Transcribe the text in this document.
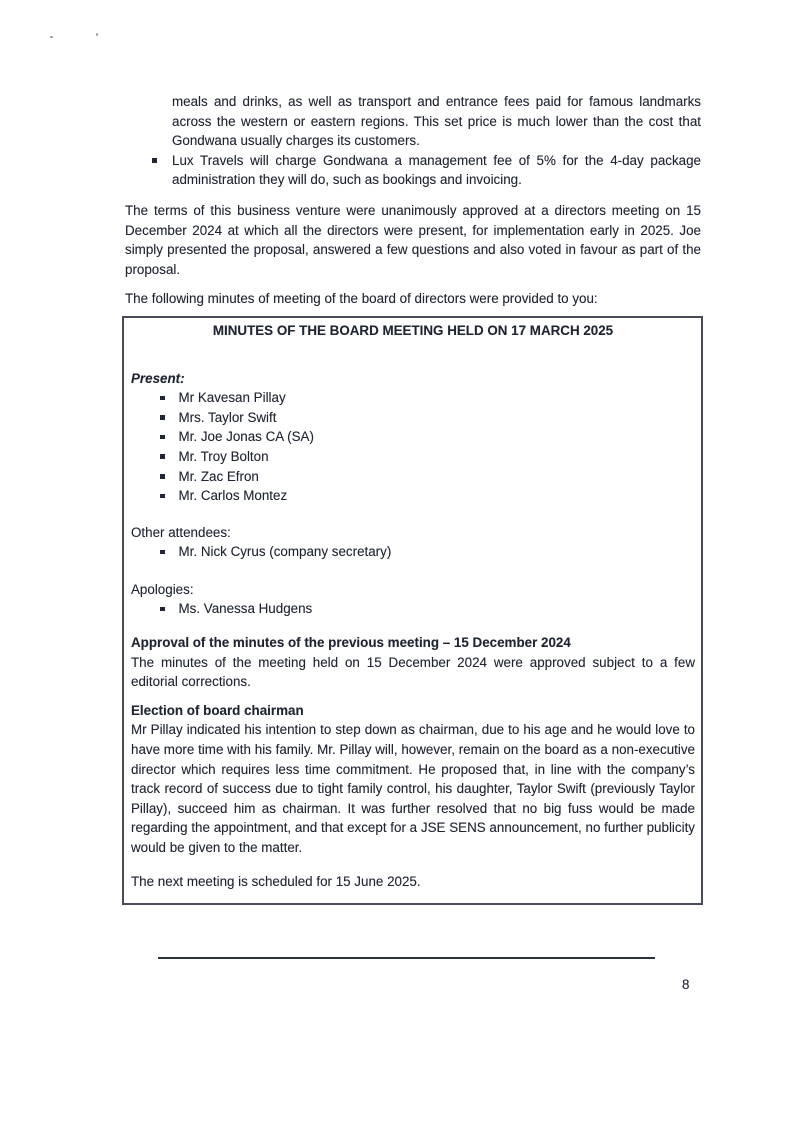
meals and drinks, as well as transport and entrance fees paid for famous landmarks across the western or eastern regions. This set price is much lower than the cost that Gondwana usually charges its customers.

Lux Travels will charge Gondwana a management fee of 5% for the 4-day package administration they will do, such as bookings and invoicing.

The terms of this business venture were unanimously approved at a directors meeting on 15 December 2024 at which all the directors were present, for implementation early in 2025. Joe simply presented the proposal, answered a few questions and also voted in favour as part of the proposal.

The following minutes of meeting of the board of directors were provided to you:

MINUTES OF THE BOARD MEETING HELD ON 17 MARCH 2025
Present:

Mr Kavesan Pillay

Mrs. Taylor Swift

Mr. Joe Jonas CA (SA)

Mr. Troy Bolton

Mr. Zac Efron

Mr. Carlos Montez

Other attendees:

Mr. Nick Cyrus (company secretary)

Apologies:

Ms. Vanessa Hudgens

Approval of the minutes of the previous meeting – 15 December 2024

The minutes of the meeting held on 15 December 2024 were approved subject to a few editorial corrections.

Election of board chairman

Mr Pillay indicated his intention to step down as chairman, due to his age and he would love to have more time with his family. Mr. Pillay will, however, remain on the board as a non-executive director which requires less time commitment. He proposed that, in line with the company’s track record of success due to tight family control, his daughter, Taylor Swift (previously Taylor Pillay), succeed him as chairman. It was further resolved that no big fuss would be made regarding the appointment, and that except for a JSE SENS announcement, no further publicity would be given to the matter.

The next meeting is scheduled for 15 June 2025.

8
